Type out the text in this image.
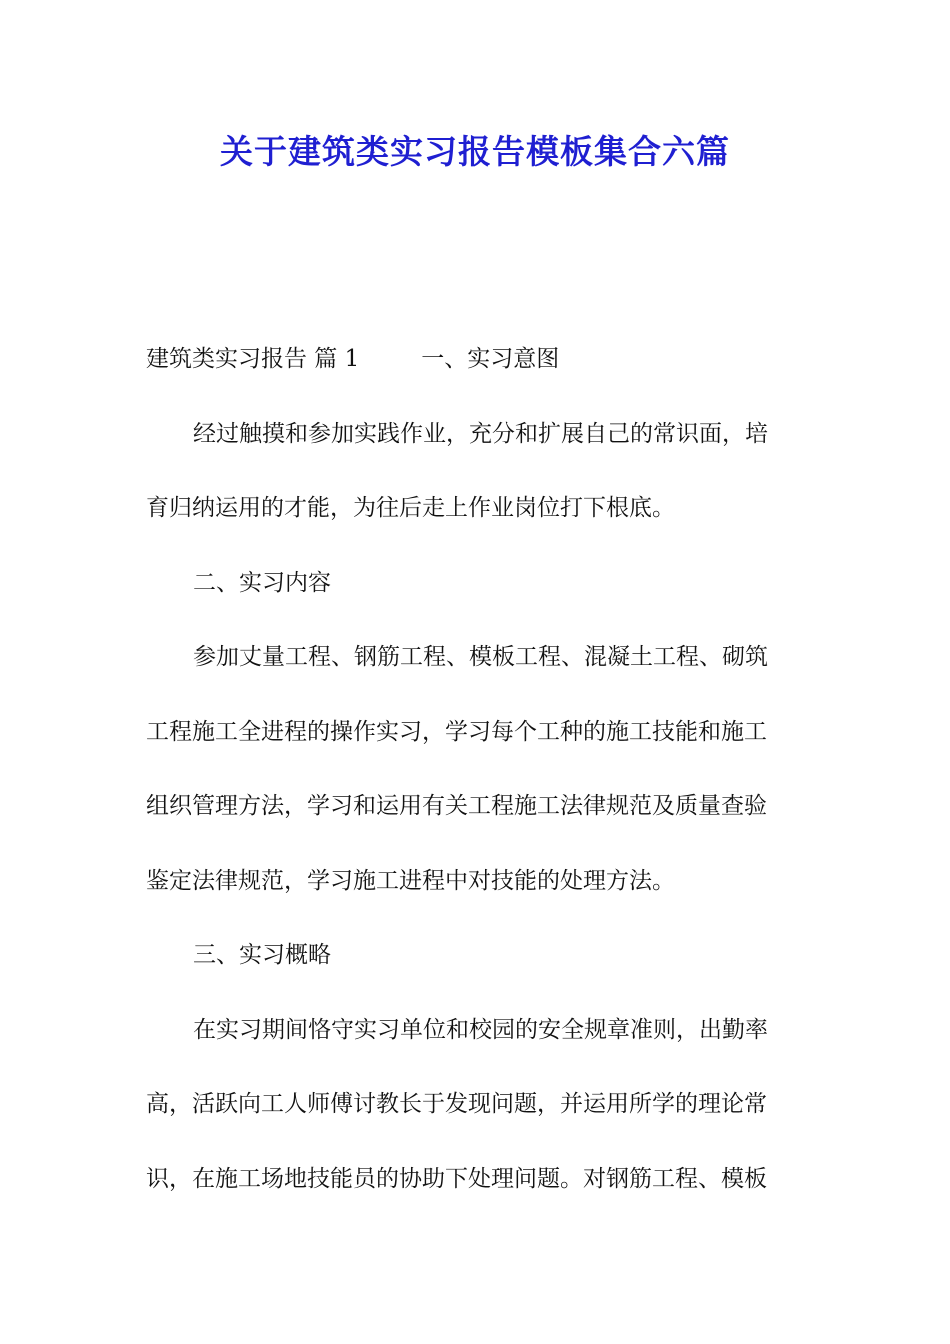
关于建筑类实习报告模板集合六篇
建筑类实习报告 篇 1	一、实习意图
经过触摸和参加实践作业，充分和扩展自己的常识面，培
育归纳运用的才能，为往后走上作业岗位打下根底。
二、实习内容
参加丈量工程、钢筋工程、模板工程、混凝土工程、砌筑
工程施工全进程的操作实习，学习每个工种的施工技能和施工
组织管理方法，学习和运用有关工程施工法律规范及质量查验
鉴定法律规范，学习施工进程中对技能的处理方法。
三、实习概略
在实习期间恪守实习单位和校园的安全规章准则，出勤率
高，活跃向工人师傅讨教长于发现问题，并运用所学的理论常
识，在施工场地技能员的协助下处理问题。对钢筋工程、模板
